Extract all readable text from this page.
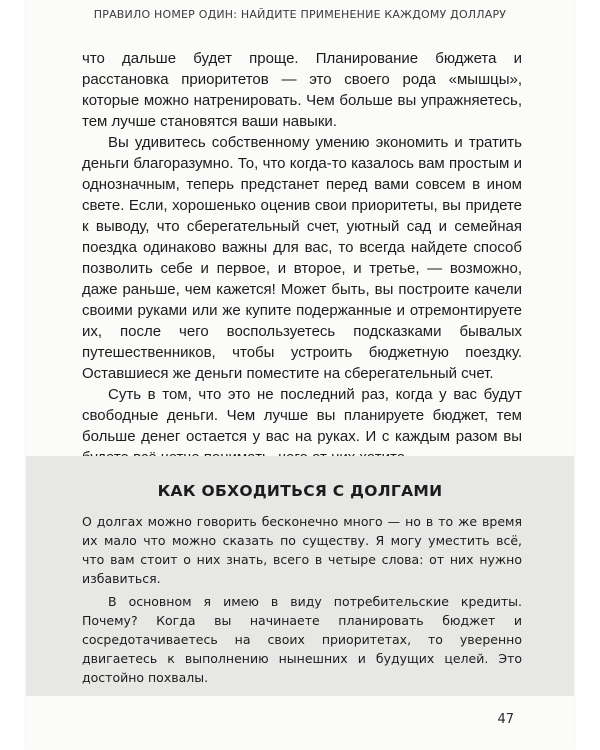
ПРАВИЛО НОМЕР ОДИН: НАЙДИТЕ ПРИМЕНЕНИЕ КАЖДОМУ ДОЛЛАРУ

что дальше будет проще. Планирование бюджета и расстановка приоритетов — это своего рода «мышцы», которые можно натренировать. Чем больше вы упражняетесь, тем лучше становятся ваши навыки.

Вы удивитесь собственному умению экономить и тратить деньги благоразумно. То, что когда-то казалось вам простым и однозначным, теперь предстанет перед вами совсем в ином свете. Если, хорошенько оценив свои приоритеты, вы придете к выводу, что сберегательный счет, уютный сад и семейная поездка одинаково важны для вас, то всегда найдете способ позволить себе и первое, и второе, и третье, — возможно, даже раньше, чем кажется! Может быть, вы построите качели своими руками или же купите подержанные и отремонтируете их, после чего воспользуетесь подсказками бывалых путешественников, чтобы устроить бюджетную поездку. Оставшиеся же деньги поместите на сберегательный счет.

Суть в том, что это не последний раз, когда у вас будут свободные деньги. Чем лучше вы планируете бюджет, тем больше денег остается у вас на руках. И с каждым разом вы

КАК ОБХОДИТЬСЯ С ДОЛГАМИ

О долгах можно говорить бесконечно много — но в то же время их мало что можно сказать по существу. Я могу уместить всё, что вам стоит о них знать, всего в четыре слова: от них нужно избавиться.

В основном я имею в виду потребительские кредиты. Почему? Когда вы начинаете планировать бюджет и сосредотачиваетесь на своих приоритетах, то уверенно двигаетесь к выполнению нынешних и будущих целей. Это достойно похвалы.

47
